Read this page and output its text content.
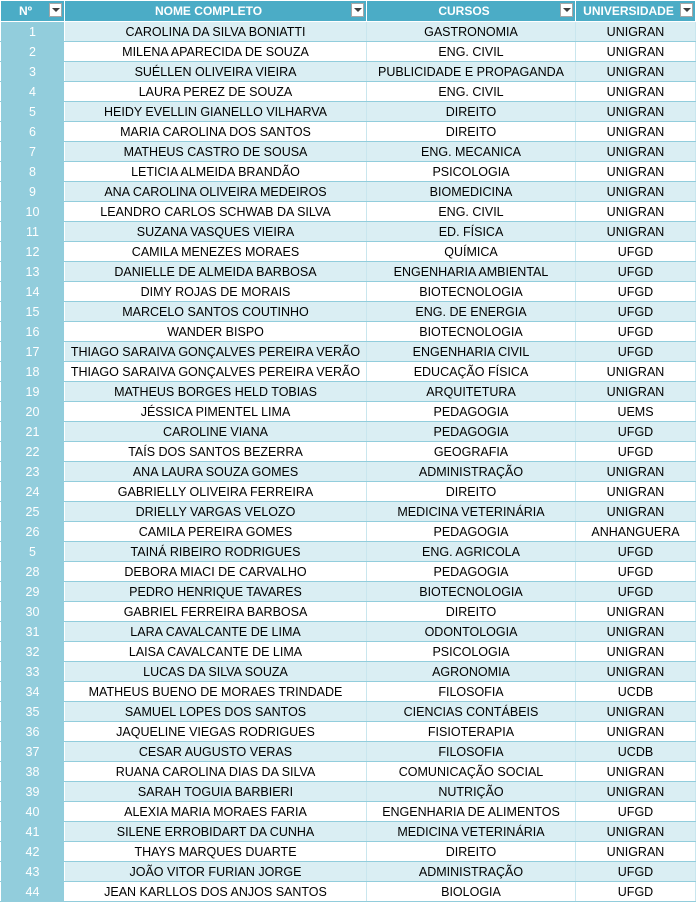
Nº	NOME COMPLETO	CURSOS	UNIVERSIDADE

1	CAROLINA DA SILVA BONIATTI	GASTRONOMIA	UNIGRAN
2	MILENA APARECIDA DE SOUZA	ENG. CIVIL	UNIGRAN
3	SUÉLLEN OLIVEIRA VIEIRA	PUBLICIDADE E PROPAGANDA	UNIGRAN
4	LAURA PEREZ DE SOUZA	ENG. CIVIL	UNIGRAN
5	HEIDY EVELLIN GIANELLO VILHARVA	DIREITO	UNIGRAN
6	MARIA CAROLINA DOS SANTOS	DIREITO	UNIGRAN
7	MATHEUS CASTRO DE SOUSA	ENG. MECANICA	UNIGRAN
8	LETICIA ALMEIDA BRANDÃO	PSICOLOGIA	UNIGRAN
9	ANA CAROLINA OLIVEIRA MEDEIROS	BIOMEDICINA	UNIGRAN
10	LEANDRO CARLOS SCHWAB DA SILVA	ENG. CIVIL	UNIGRAN
11	SUZANA VASQUES VIEIRA	ED. FÍSICA	UNIGRAN
12	CAMILA MENEZES MORAES	QUÍMICA	UFGD
13	DANIELLE DE ALMEIDA BARBOSA	ENGENHARIA AMBIENTAL	UFGD
14	DIMY ROJAS DE MORAIS	BIOTECNOLOGIA	UFGD
15	MARCELO SANTOS COUTINHO	ENG. DE ENERGIA	UFGD
16	WANDER BISPO	BIOTECNOLOGIA	UFGD
17	THIAGO SARAIVA GONÇALVES PEREIRA VERÃO	ENGENHARIA CIVIL	UFGD
18	THIAGO SARAIVA GONÇALVES PEREIRA VERÃO	EDUCAÇÃO FÍSICA	UNIGRAN
19	MATHEUS BORGES HELD TOBIAS	ARQUITETURA	UNIGRAN
20	JÉSSICA PIMENTEL LIMA	PEDAGOGIA	UEMS
21	CAROLINE VIANA	PEDAGOGIA	UFGD
22	TAÍS DOS SANTOS BEZERRA	GEOGRAFIA	UFGD
23	ANA LAURA SOUZA GOMES	ADMINISTRAÇÃO	UNIGRAN
24	GABRIELLY OLIVEIRA FERREIRA	DIREITO	UNIGRAN
25	DRIELLY VARGAS VELOZO	MEDICINA VETERINÁRIA	UNIGRAN
26	CAMILA PEREIRA GOMES	PEDAGOGIA	ANHANGUERA
5	TAINÁ RIBEIRO RODRIGUES	ENG. AGRICOLA	UFGD
28	DEBORA MIACI DE CARVALHO	PEDAGOGIA	UFGD
29	PEDRO HENRIQUE TAVARES	BIOTECNOLOGIA	UFGD
30	GABRIEL FERREIRA BARBOSA	DIREITO	UNIGRAN
31	LARA CAVALCANTE DE LIMA	ODONTOLOGIA	UNIGRAN
32	LAISA CAVALCANTE DE LIMA	PSICOLOGIA	UNIGRAN
33	LUCAS DA SILVA SOUZA	AGRONOMIA	UNIGRAN
34	MATHEUS BUENO DE MORAES TRINDADE	FILOSOFIA	UCDB
35	SAMUEL LOPES DOS SANTOS	CIENCIAS CONTÁBEIS	UNIGRAN
36	JAQUELINE VIEGAS RODRIGUES	FISIOTERAPIA	UNIGRAN
37	CESAR AUGUSTO VERAS	FILOSOFIA	UCDB
38	RUANA CAROLINA DIAS DA SILVA	COMUNICAÇÃO SOCIAL	UNIGRAN
39	SARAH TOGUIA BARBIERI	NUTRIÇÃO	UNIGRAN
40	ALEXIA MARIA MORAES FARIA	ENGENHARIA DE ALIMENTOS	UFGD
41	SILENE ERROBIDART DA CUNHA	MEDICINA VETERINÁRIA	UNIGRAN
42	THAYS MARQUES DUARTE	DIREITO	UNIGRAN
43	JOÃO VITOR FURIAN JORGE	ADMINISTRAÇÃO	UFGD
44	JEAN KARLLOS DOS ANJOS SANTOS	BIOLOGIA	UFGD
